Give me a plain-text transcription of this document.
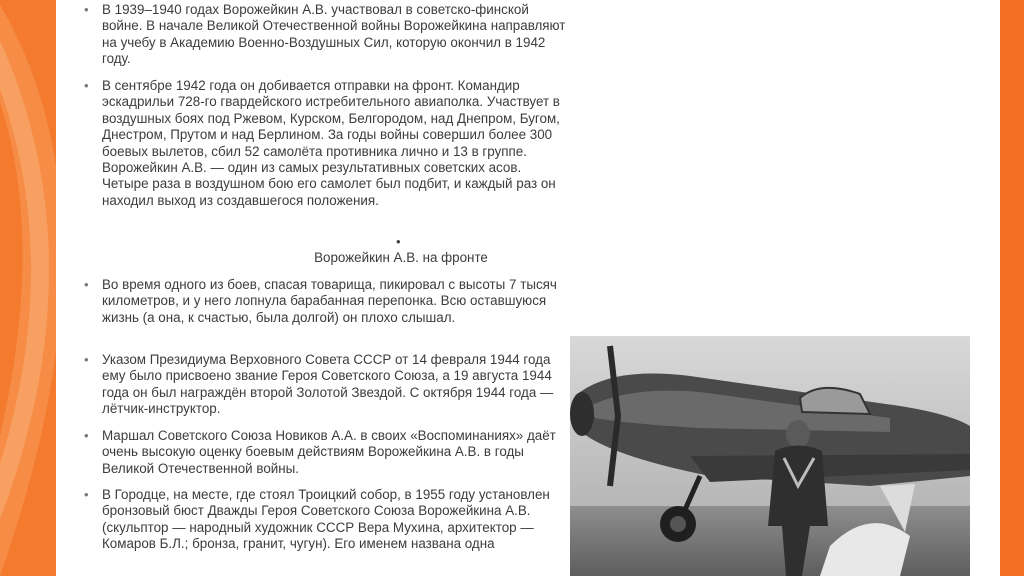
• В 1939–1940 годах Ворожейкин А.В. участвовал в советско-финской войне. В начале Великой Отечественной войны Ворожейкина направляют на учебу в Академию Военно-Воздушных Сил, которую окончил в 1942 году.
• В сентябре 1942 года он добивается отправки на фронт. Командир эскадрильи 728-го гвардейского истребительного авиаполка. Участвует в воздушных боях под Ржевом, Курском, Белгородом, над Днепром, Бугом, Днестром, Прутом и над Берлином. За годы войны совершил более 300 боевых вылетов, сбил 52 самолёта противника лично и 13 в группе. Ворожейкин А.В. — один из самых результативных советских асов. Четыре раза в воздушном бою его самолет был подбит, и каждый раз он находил выход из создавшегося положения.
•
Ворожейкин А.В. на фронте
• Во время одного из боев, спасая товарища, пикировал с высоты 7 тысяч километров, и у него лопнула барабанная перепонка. Всю оставшуюся жизнь (а она, к счастью, была долгой) он плохо слышал.
• Указом Президиума Верховного Совета СССР от 14 февраля 1944 года ему было присвоено звание Героя Советского Союза, а 19 августа 1944 года он был награждён второй Золотой Звездой. С октября 1944 года — лётчик-инструктор.
• Маршал Советского Союза Новиков А.А. в своих «Воспоминаниях» даёт очень высокую оценку боевым действиям Ворожейкина А.В. в годы Великой Отечественной войны.
• В Городце, на месте, где стоял Троицкий собор, в 1955 году установлен бронзовый бюст Дважды Героя Советского Союза Ворожейкина А.В. (скульптор — народный художник СССР Вера Мухина, архитектор — Комаров Б.Л.; бронза, гранит, чугун). Его именем названа одна
